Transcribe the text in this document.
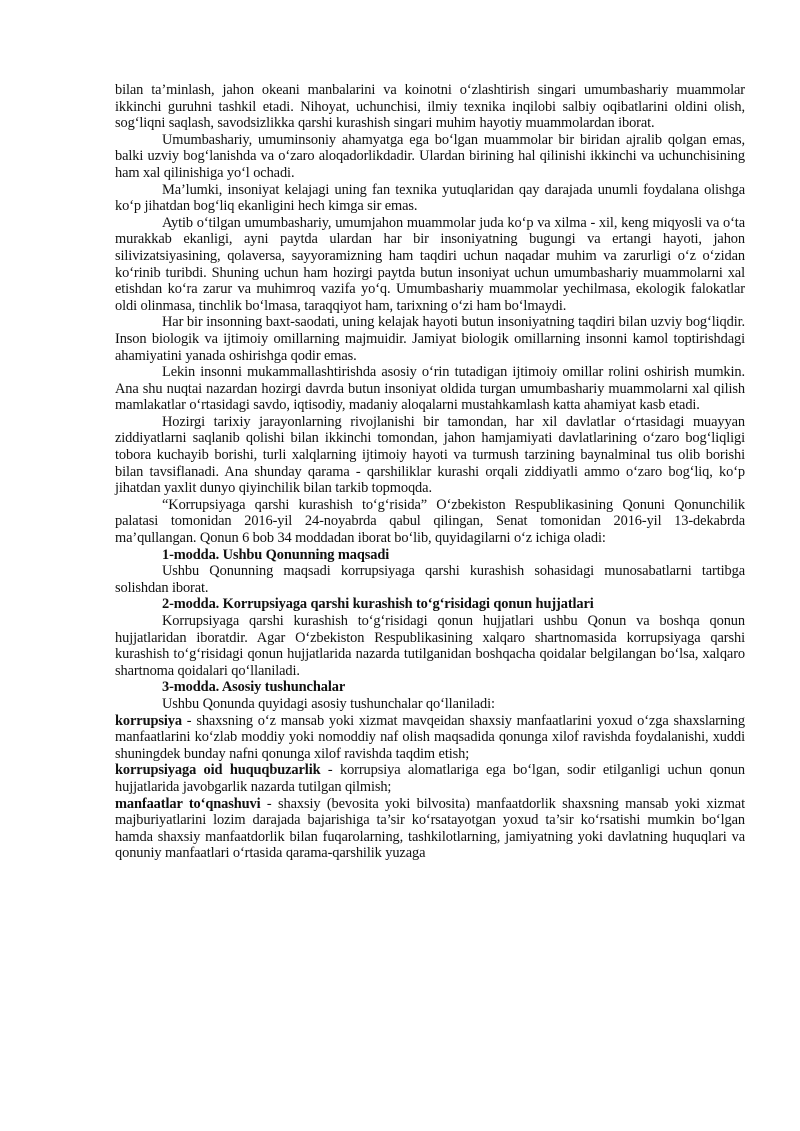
bilan ta’minlash, jahon okeani manbalarini va koinotni o‘zlashtirish singari umumbashariy muammolar ikkinchi guruhni tashkil etadi. Nihoyat, uchunchisi, ilmiy texnika inqilobi salbiy oqibatlarini oldini olish, sog‘liqni saqlash, savodsizlikka qarshi kurashish singari muhim hayotiy muammolardan iborat.

Umumbashariy, umuminsoniy ahamyatga ega bo‘lgan muammolar bir biridan ajralib qolgan emas, balki uzviy bog‘lanishda va o‘zaro aloqadorlikdadir. Ulardan birining hal qilinishi ikkinchi va uchunchisining ham xal qilinishiga yo‘l ochadi.

Ma’lumki, insoniyat kelajagi uning fan texnika yutuqlaridan qay darajada unumli foydalana olishga ko‘p jihatdan bog‘liq ekanligini hech kimga sir emas.

Aytib o‘tilgan umumbashariy, umumjahon muammolar juda ko‘p va xilma - xil, keng miqyosli va o‘ta murakkab ekanligi, ayni paytda ulardan har bir insoniyatning bugungi va ertangi hayoti, jahon silivizatsiyasining, qolaversa, sayyoramizning ham taqdiri uchun naqadar muhim va zarurligi o‘z o‘zidan ko‘rinib turibdi. Shuning uchun ham hozirgi paytda butun insoniyat uchun umumbashariy muammolarni xal etishdan ko‘ra zarur va muhimroq vazifa yo‘q. Umumbashariy muammolar yechilmasa, ekologik falokatlar oldi olinmasa, tinchlik bo‘lmasa, taraqqiyot ham, tarixning o‘zi ham bo‘lmaydi.

Har bir insonning baxt-saodati, uning kelajak hayoti butun insoniyatning taqdiri bilan uzviy bog‘liqdir. Inson biologik va ijtimoiy omillarning majmuidir. Jamiyat biologik omillarning insonni kamol toptirishdagi ahamiyatini yanada oshirishga qodir emas.

Lekin insonni mukammallashtirishda asosiy o‘rin tutadigan ijtimoiy omillar rolini oshirish mumkin. Ana shu nuqtai nazardan hozirgi davrda butun insoniyat oldida turgan umumbashariy muammolarni xal qilish mamlakatlar o‘rtasidagi savdo, iqtisodiy, madaniy aloqalarni mustahkamlash katta ahamiyat kasb etadi.

Hozirgi tarixiy jarayonlarning rivojlanishi bir tamondan, har xil davlatlar o‘rtasidagi muayyan ziddiyatlarni saqlanib qolishi bilan ikkinchi tomondan, jahon hamjamiyati davlatlarining o‘zaro bog‘liqligi tobora kuchayib borishi, turli xalqlarning ijtimoiy hayoti va turmush tarzining baynalminal tus olib borishi bilan tavsiflanadi. Ana shunday qarama - qarshiliklar kurashi orqali ziddiyatli ammo o‘zaro bog‘liq, ko‘p jihatdan yaxlit dunyo qiyinchilik bilan tarkib topmoqda.

“Korrupsiyaga qarshi kurashish to‘g‘risida” O‘zbekiston Respublikasining Qonuni Qonunchilik palatasi tomonidan 2016-yil 24-noyabrda qabul qilingan, Senat tomonidan 2016-yil 13-dekabrda ma’qullangan. Qonun 6 bob 34 moddadan iborat bo‘lib, quyidagilarni o‘z ichiga oladi:

1-modda. Ushbu Qonunning maqsadi

Ushbu Qonunning maqsadi korrupsiyaga qarshi kurashish sohasidagi munosabatlarni tartibga solishdan iborat.

2-modda. Korrupsiyaga qarshi kurashish to‘g‘risidagi qonun hujjatlari

Korrupsiyaga qarshi kurashish to‘g‘risidagi qonun hujjatlari ushbu Qonun va boshqa qonun hujjatlaridan iboratdir. Agar O‘zbekiston Respublikasining xalqaro shartnomasida korrupsiyaga qarshi kurashish to‘g‘risidagi qonun hujjatlarida nazarda tutilganidan boshqacha qoidalar belgilangan bo‘lsa, xalqaro shartnoma qoidalari qo‘llaniladi.

3-modda. Asosiy tushunchalar

Ushbu Qonunda quyidagi asosiy tushunchalar qo‘llaniladi:

korrupsiya - shaxsning o‘z mansab yoki xizmat mavqeidan shaxsiy manfaatlarini yoxud o‘zga shaxslarning manfaatlarini ko‘zlab moddiy yoki nomoddiy naf olish maqsadida qonunga xilof ravishda foydalanishi, xuddi shuningdek bunday nafni qonunga xilof ravishda taqdim etish;

korrupsiyaga oid huquqbuzarlik - korrupsiya alomatlariga ega bo‘lgan, sodir etilganligi uchun qonun hujjatlarida javobgarlik nazarda tutilgan qilmish;

manfaatlar to‘qnashuvi - shaxsiy (bevosita yoki bilvosita) manfaatdorlik shaxsning mansab yoki xizmat majburiyatlarini lozim darajada bajarishiga ta’sir ko‘rsatayotgan yoxud ta’sir ko‘rsatishi mumkin bo‘lgan hamda shaxsiy manfaatdorlik bilan fuqarolarning, tashkilotlarning, jamiyatning yoki davlatning huquqlari va qonuniy manfaatlari o‘rtasida qarama-qarshilik yuzaga
